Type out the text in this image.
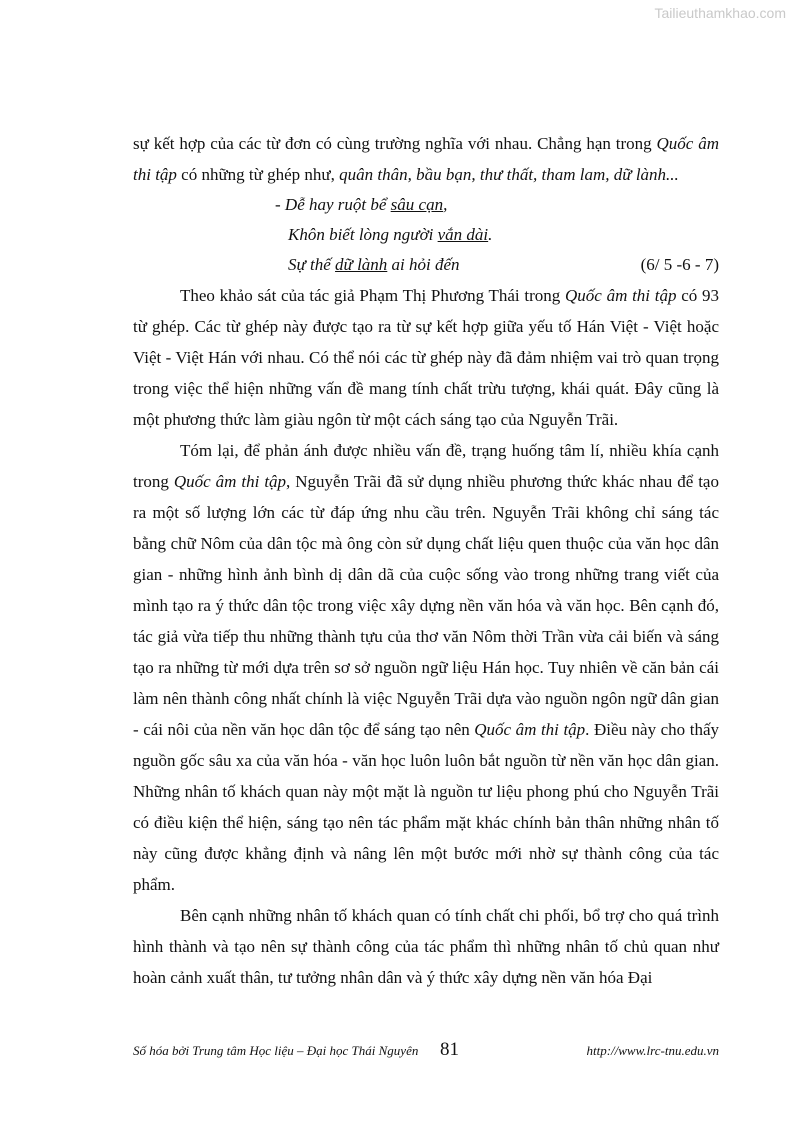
Tailieuthamkhao.com

sự kết hợp của các từ đơn có cùng trường nghĩa với nhau. Chẳng hạn trong Quốc âm thi tập có những từ ghép như, quân thân, bầu bạn, thư thất, tham lam, dữ lành...

- Dễ hay ruột bể sâu cạn,
Khôn biết lòng người vắn dài.
Sự thế dữ lành ai hỏi đến	(6/ 5 -6 - 7)

Theo khảo sát của tác giả Phạm Thị Phương Thái trong Quốc âm thi tập có 93 từ ghép. Các từ ghép này được tạo ra từ sự kết hợp giữa yếu tố Hán Việt - Việt hoặc Việt - Việt Hán với nhau. Có thể nói các từ ghép này đã đảm nhiệm vai trò quan trọng trong việc thể hiện những vấn đề mang tính chất trừu tượng, khái quát. Đây cũng là một phương thức làm giàu ngôn từ một cách sáng tạo của Nguyễn Trãi.

Tóm lại, để phản ánh được nhiều vấn đề, trạng huống tâm lí, nhiều khía cạnh trong Quốc âm thi tập, Nguyễn Trãi đã sử dụng nhiều phương thức khác nhau để tạo ra một số lượng lớn các từ đáp ứng nhu cầu trên. Nguyễn Trãi không chỉ sáng tác bằng chữ Nôm của dân tộc mà ông còn sử dụng chất liệu quen thuộc của văn học dân gian - những hình ảnh bình dị dân dã của cuộc sống vào trong những trang viết của mình tạo ra ý thức dân tộc trong việc xây dựng nền văn hóa và văn học. Bên cạnh đó, tác giả vừa tiếp thu những thành tựu của thơ văn Nôm thời Trần vừa cải biến và sáng tạo ra những từ mới dựa trên sơ sở nguồn ngữ liệu Hán học. Tuy nhiên về căn bản cái làm nên thành công nhất chính là việc Nguyễn Trãi dựa vào nguồn ngôn ngữ dân gian - cái nôi của nền văn học dân tộc để sáng tạo nên Quốc âm thi tập. Điều này cho thấy nguồn gốc sâu xa của văn hóa - văn học luôn luôn bắt nguồn từ nền văn học dân gian. Những nhân tố khách quan này một mặt là nguồn tư liệu phong phú cho Nguyễn Trãi có điều kiện thể hiện, sáng tạo nên tác phẩm mặt khác chính bản thân những nhân tố này cũng được khẳng định và nâng lên một bước mới nhờ sự thành công của tác phẩm.

Bên cạnh những nhân tố khách quan có tính chất chi phối, bổ trợ cho quá trình hình thành và tạo nên sự thành công của tác phẩm thì những nhân tố chủ quan như hoàn cảnh xuất thân, tư tưởng nhân dân và ý thức xây dựng nền văn hóa Đại

Số hóa bởi Trung tâm Học liệu – Đại học Thái Nguyên 81	http://www.lrc-tnu.edu.vn
